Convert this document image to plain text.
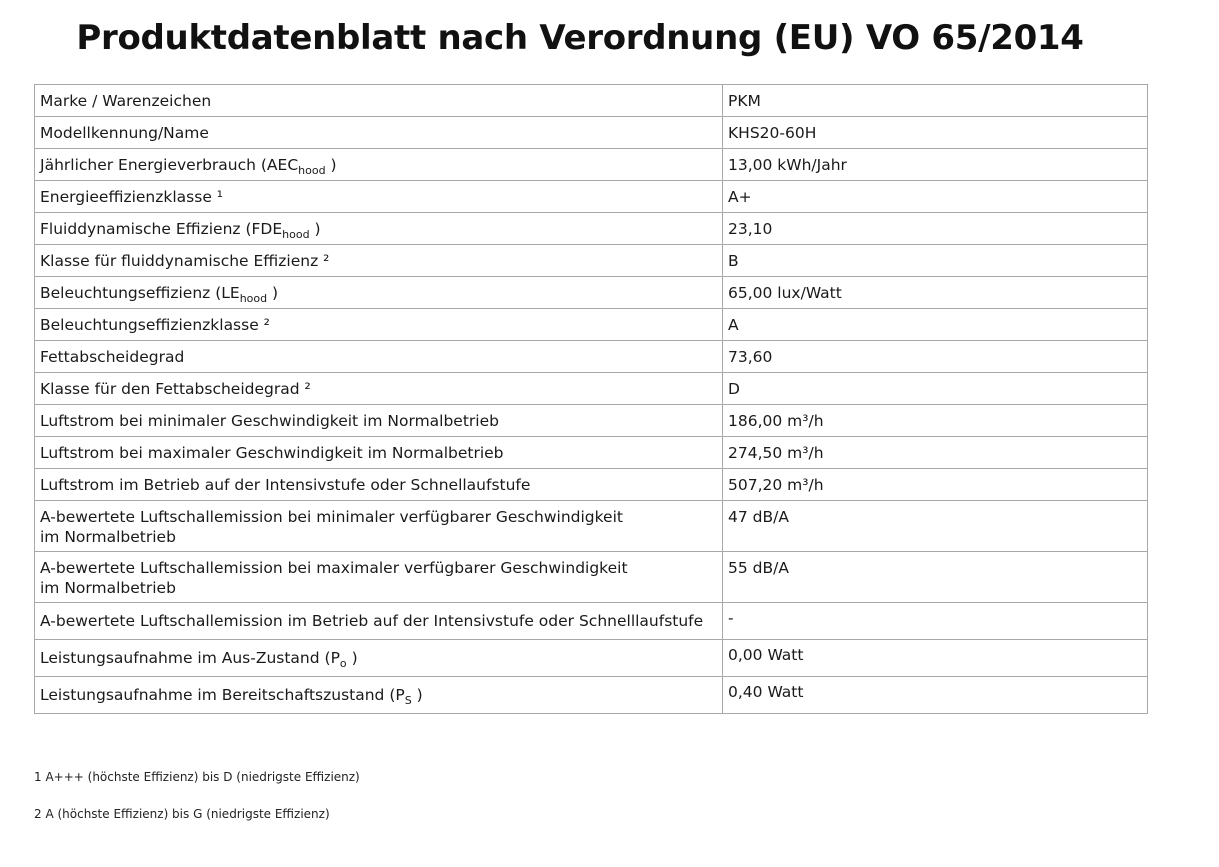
Produktdatenblatt nach Verordnung (EU) VO 65/2014
Marke / Warenzeichen	PKM
Modellkennung/Name	KHS20-60H
Jährlicher Energieverbrauch ($AEC_{hood}$ )	13,00 kWh/Jahr
Energieeffizienzklasse ¹	A+
Fluiddynamische Effizienz ($FDE_{hood}$ )	23,10
Klasse für fluiddynamische Effizienz ²	B
Beleuchtungseffizienz ($LE_{hood}$ )	65,00 lux/Watt
Beleuchtungseffizienzklasse ²	A
Fettabscheidegrad	73,60
Klasse für den Fettabscheidegrad ²	D
Luftstrom bei minimaler Geschwindigkeit im Normalbetrieb	186,00 m³/h
Luftstrom bei maximaler Geschwindigkeit im Normalbetrieb	274,50 m³/h
Luftstrom im Betrieb auf der Intensivstufe oder Schnellaufstufe	507,20 m³/h
A-bewertete Luftschallemission bei minimaler verfügbarer Geschwindigkeit
im Normalbetrieb	47 dB/A
A-bewertete Luftschallemission bei maximaler verfügbarer Geschwindigkeit
im Normalbetrieb	55 dB/A
A-bewertete Luftschallemission im Betrieb auf der Intensivstufe oder Schnelllaufstufe	-
Leistungsaufnahme im Aus-Zustand ($P_o$ )	0,00 Watt
Leistungsaufnahme im Bereitschaftszustand ($P_S$ )	0,40 Watt
1 A+++ (höchste Effizienz) bis D (niedrigste Effizienz)
2 A (höchste Effizienz) bis G (niedrigste Effizienz)
